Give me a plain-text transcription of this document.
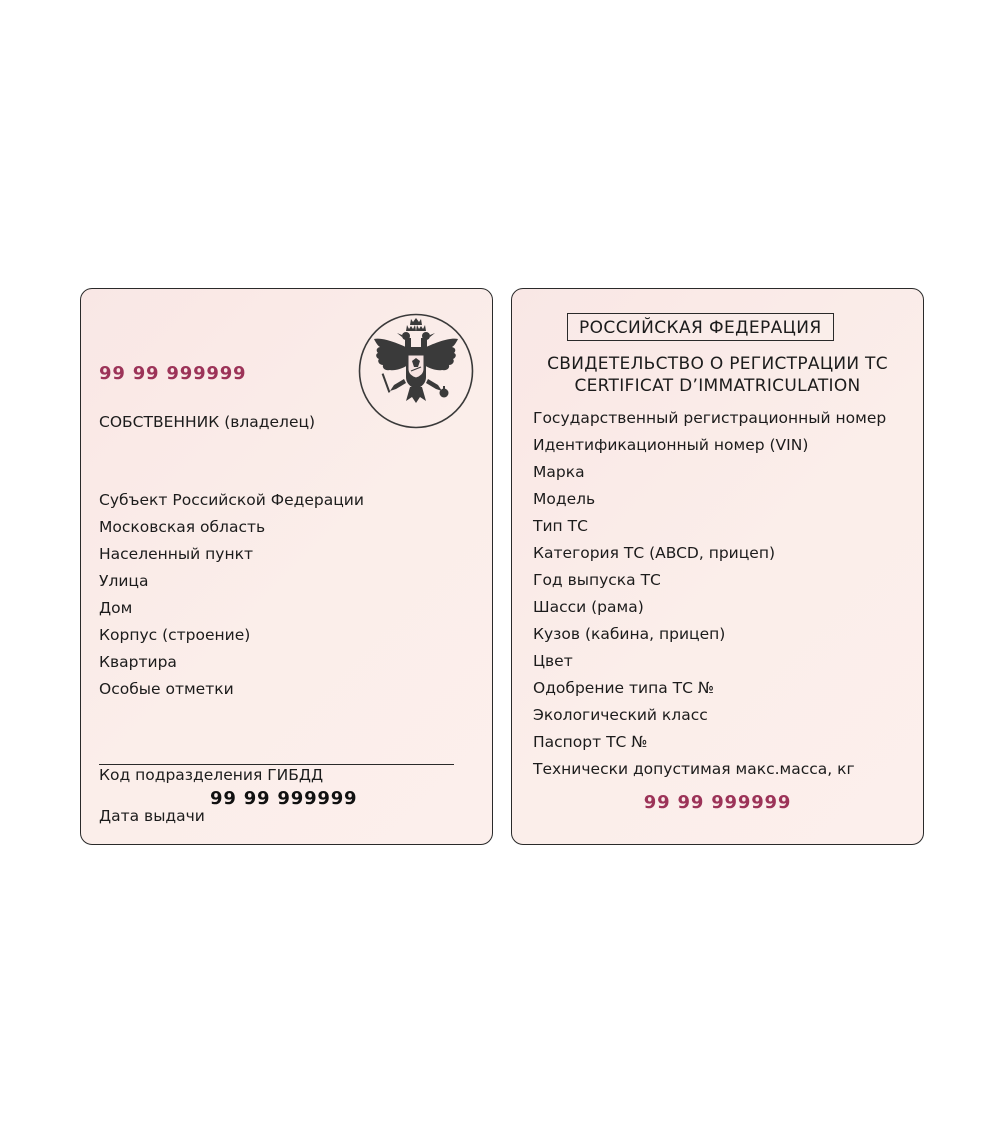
99 99 999999
СОБСТВЕННИК (владелец)
Субъект Российской Федерации
Московская область
Населенный пункт
Улица
Дом
Корпус (строение)
Квартира
Особые отметки
Код подразделения ГИБДД
99 99 999999
Дата выдачи
РОССИЙСКАЯ ФЕДЕРАЦИЯ
СВИДЕТЕЛЬСТВО О РЕГИСТРАЦИИ ТС
CERTIFICAT D’IMMATRICULATION
Государственный регистрационный номер
Идентификационный номер (VIN)
Марка
Модель
Тип ТС
Категория ТС (ABCD, прицеп)
Год выпуска ТС
Шасси (рама)
Кузов (кабина, прицеп)
Цвет
Одобрение типа ТС №
Экологический класс
Паспорт ТС №
Технически допустимая макс.масса, кг
99 99 999999
